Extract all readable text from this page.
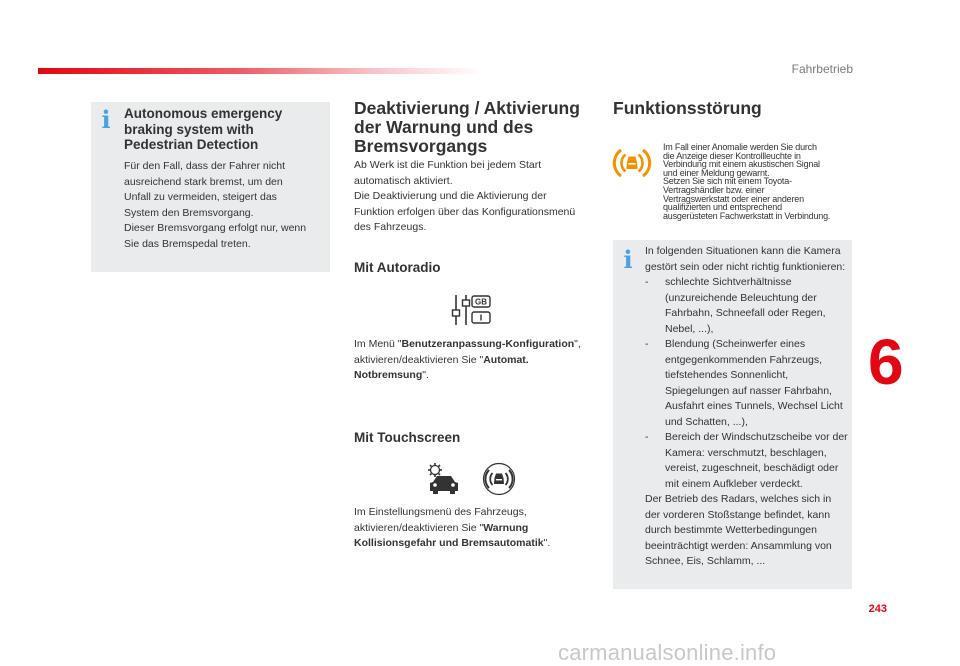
Fahrbetrieb
i Autonomous emergency braking system with Pedestrian Detection
Für den Fall, dass der Fahrer nicht
ausreichend stark bremst, um den
Unfall zu vermeiden, steigert das
System den Bremsvorgang.
Dieser Bremsvorgang erfolgt nur, wenn
Sie das Bremspedal treten.
Deaktivierung / Aktivierung der Warnung und des Bremsvorgangs
Ab Werk ist die Funktion bei jedem Start
automatisch aktiviert.
Die Deaktivierung und die Aktivierung der
Funktion erfolgen über das Konfigurationsmenü
des Fahrzeugs.
Mit Autoradio
GB
Im Menü "Benutzeranpassung-Konfiguration", aktivieren/deaktivieren Sie "Automat. Notbremsung".
Mit Touchscreen
Im Einstellungsmenü des Fahrzeugs, aktivieren/deaktivieren Sie "Warnung Kollisionsgefahr und Bremsautomatik".
Funktionsstörung
Im Fall einer Anomalie werden Sie durch
die Anzeige dieser Kontrollleuchte in
Verbindung mit einem akustischen Signal
und einer Meldung gewarnt.
Setzen Sie sich mit einem Toyota-
Vertragshändler bzw. einer
Vertragswerkstatt oder einer anderen
qualifizierten und entsprechend
ausgerüsteten Fachwerkstatt in Verbindung.
i	In folgenden Situationen kann die Kamera gestört sein oder nicht richtig funktionieren:
- schlechte Sichtverhältnisse (unzureichende Beleuchtung der Fahrbahn, Schneefall oder Regen, Nebel, ...),
- Blendung (Scheinwerfer eines entgegenkommenden Fahrzeugs, tiefstehendes Sonnenlicht, Spiegelungen auf nasser Fahrbahn, Ausfahrt eines Tunnels, Wechsel Licht und Schatten, ...),
- Bereich der Windschutzscheibe vor der Kamera: verschmutzt, beschlagen, vereist, zugeschneit, beschädigt oder mit einem Aufkleber verdeckt.
Der Betrieb des Radars, welches sich in der vorderen Stoßstange befindet, kann durch bestimmte Wetterbedingungen beeinträchtigt werden: Ansammlung von Schnee, Eis, Schlamm, ...
6
243
carmanualsonline.info
